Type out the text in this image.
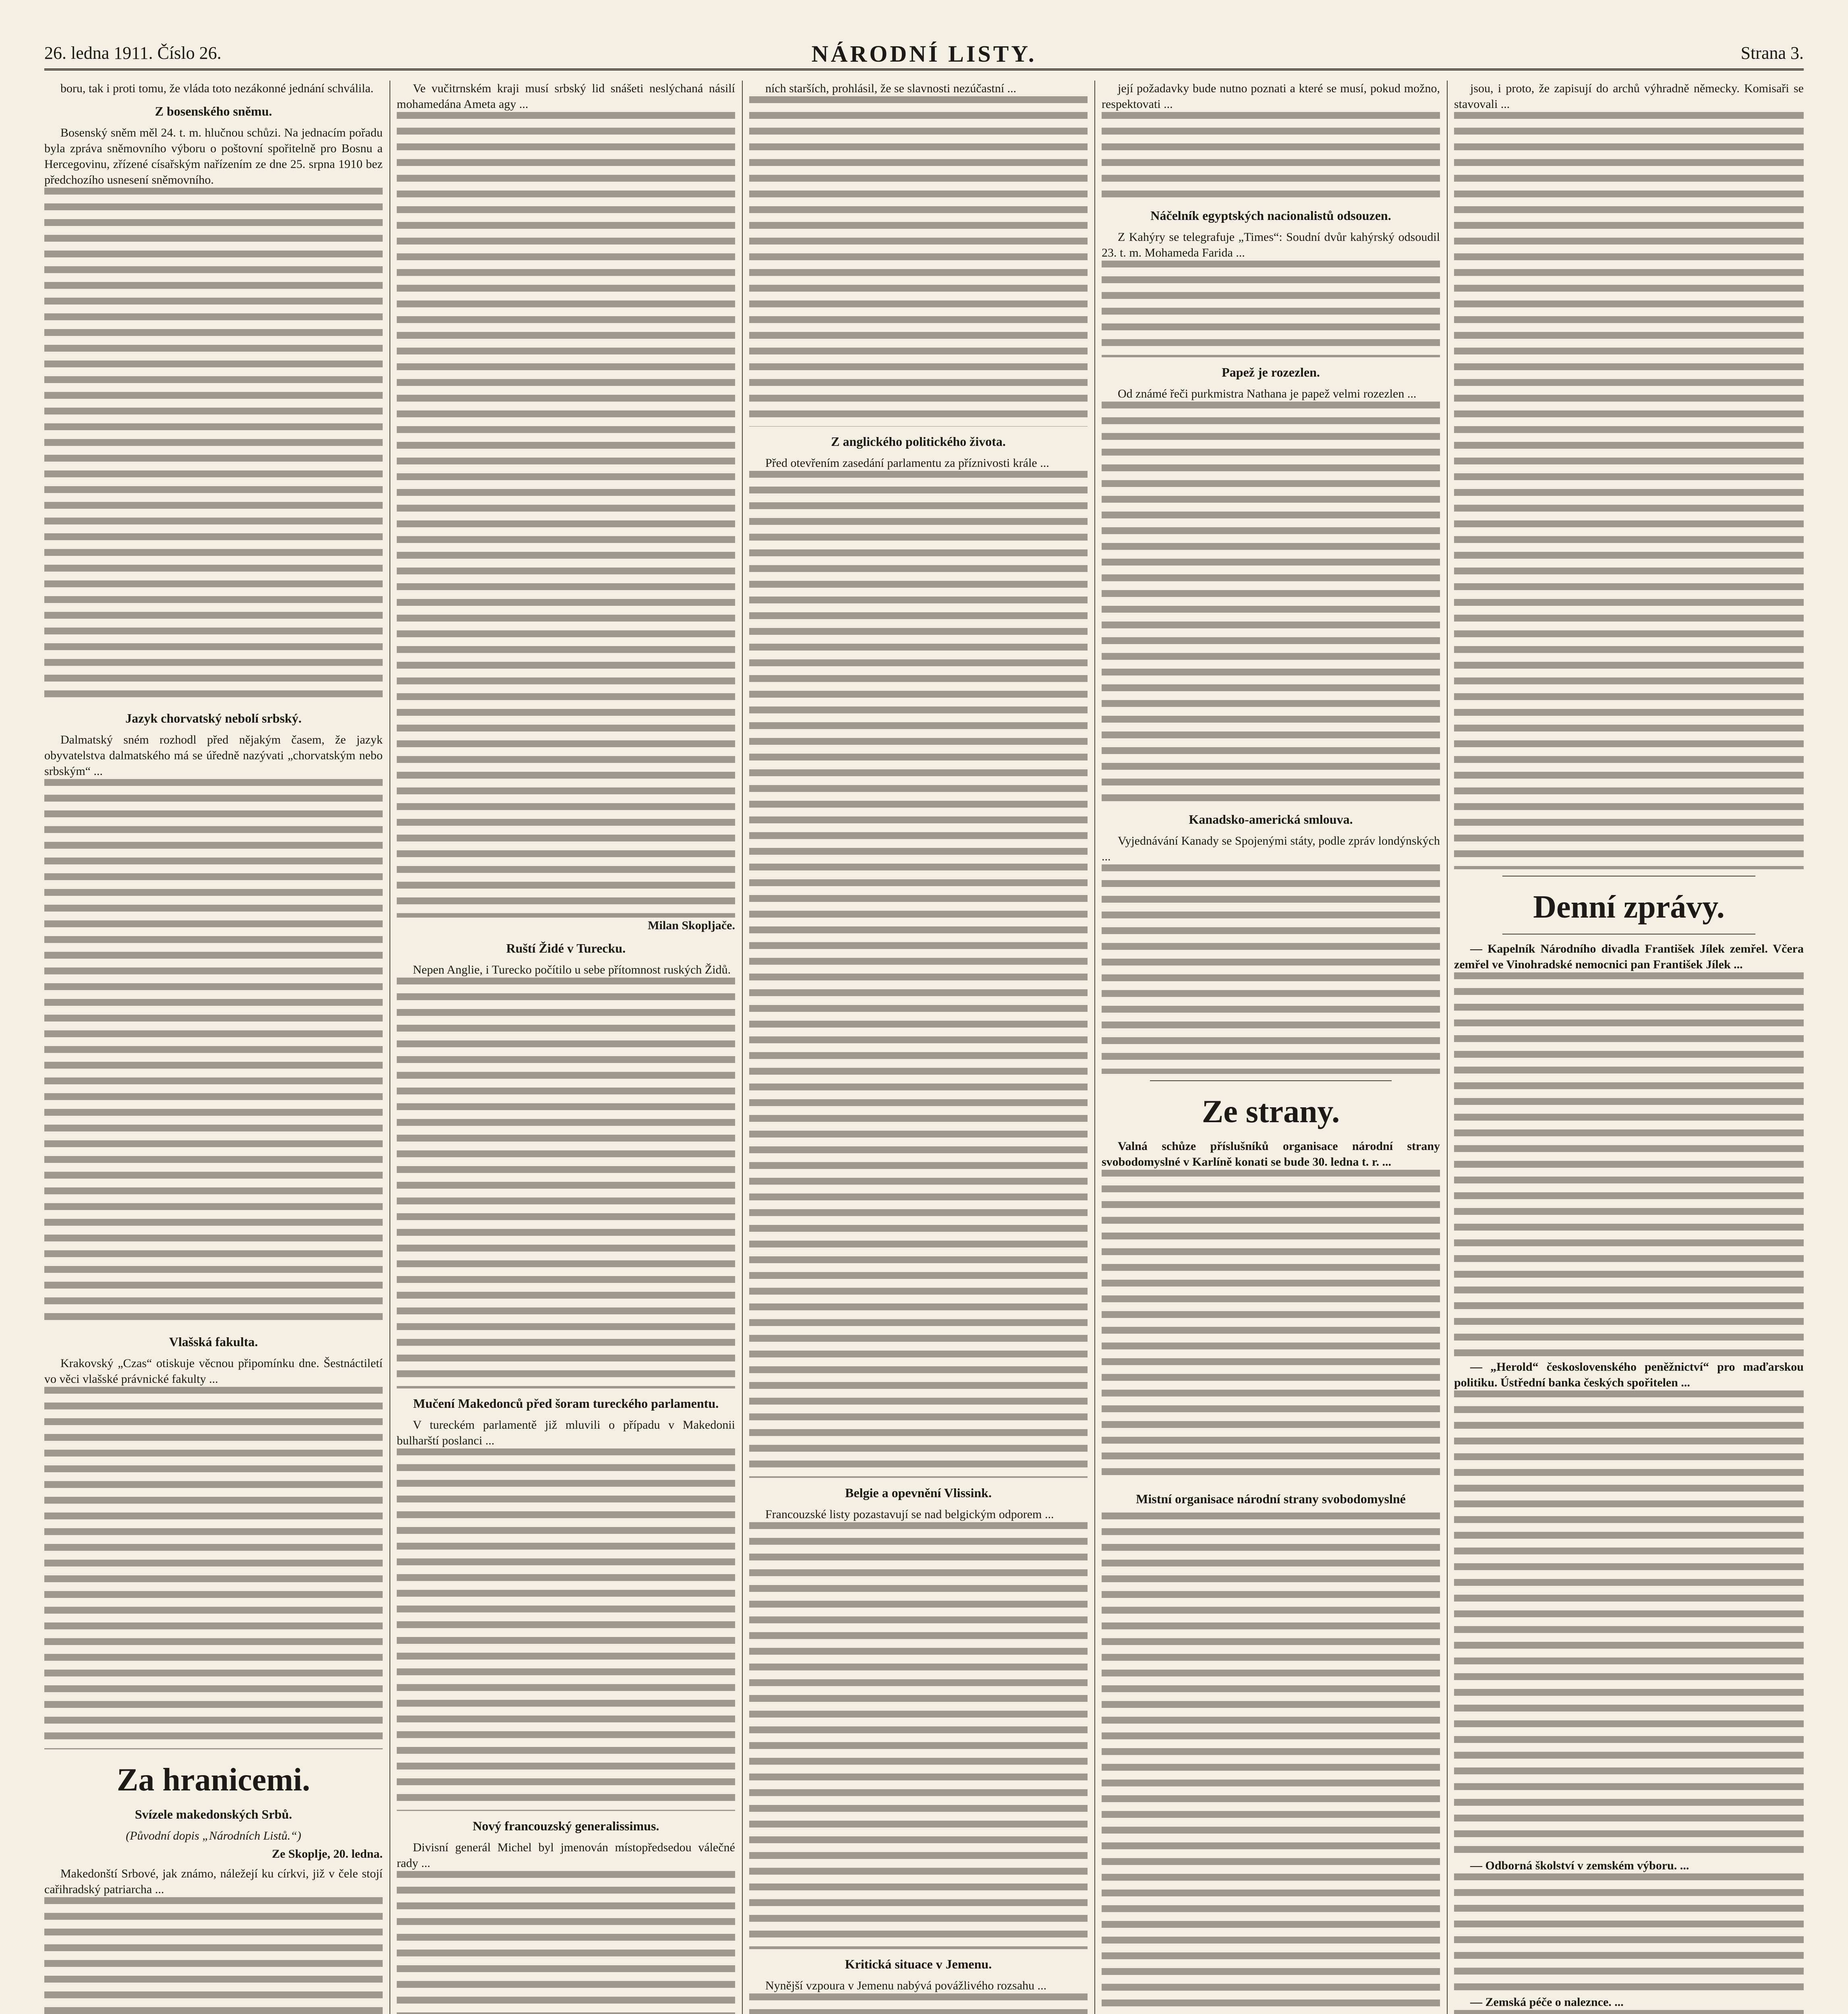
26. ledna 1911. Číslo 26.	NÁRODNÍ LISTY.	Strana 3.

boru, tak i proti tomu, že vláda toto nezákonné jednání schválila.

Z bosenského sněmu.

Bosenský sněm měl 24. t. m. hlučnou schůzi. Na jednacím pořadu byla zpráva sněmovního výboru o poštovní spořitelně pro Bosnu a Hercegovinu, zřízené císařským nařízením ze dne 25. srpna 1910 bez předchozího usnesení sněmovního.

Jazyk chorvatský nebolí srbský.

Dalmatský sném rozhodl před nějakým časem, že jazyk obyvatelstva dalmatského má se úředně nazývati „chorvatským nebo srbským“ ...

Vlašská fakulta.

Krakovský „Czas“ otiskuje věcnou připomínku dne. Šestnáctiletí vo věci vlašské právnické fakulty ...

Za hranicemi.
Svízele makedonských Srbů.
(Původní dopis „Národních Listů.“)
Ze Skoplje, 20. ledna.

Makedonští Srbové, jak známo, náležejí ku církvi, již v čele stojí cařihradský patriarcha ...

Ve vučitrnském kraji musí srbský lid snášeti neslýchaná násilí mohamedána Ameta agy ...

Milan Skopljače.
Ruští Židé v Turecku.

Nepen Anglie, i Turecko počítilo u sebe přítomnost ruských Židů.

Mučení Makedonců před šoram tureckého parlamentu.

V tureckém parlamentě již mluvili o případu v Makedonii bulharští poslanci ...

Nový francouzský generalissimus.

Divisní generál Michel byl jmenován místopředsedou válečné rady ...

ních starších, prohlásil, že se slavnosti nezúčastní ...

Z anglického politického života.

Před otevřením zasedání parlamentu za příznivosti krále ...

Belgie a opevnění Vlissink.

Francouzské listy pozastavují se nad belgickým odporem ...

Kritická situace v Jemenu.

Nynější vzpoura v Jemenu nabývá povážlivého rozsahu ...

její požadavky bude nutno poznati a které se musí, pokud možno, respektovati ...

Náčelník egyptských nacionalistů odsouzen.

Z Kahýry se telegrafuje „Times“: Soudní dvůr kahýrský odsoudil 23. t. m. Mohameda Farida ...

Papež je rozezlen.

Od známé řeči purkmistra Nathana je papež velmi rozezlen ...

Kanadsko-americká smlouva.

Vyjednávání Kanady se Spojenými státy, podle zpráv londýnských ...

Ze strany.

Valná schůze příslušníků organisace národní strany svobodomyslné v Karlíně konati se bude 30. ledna t. r. ...

Mistní organisace národní strany svobodomyslné

jsou, i proto, že zapisují do archů výhradně německy. Komisaři se stavovali ...

Denní zprávy.

— Kapelník Národního divadla František Jílek zemřel. Včera zemřel ve Vinohradské nemocnici pan František Jílek ...

— „Herold“ československého peněžnictví“ pro maďarskou politiku. Ústřední banka českých spořitelen ...

— Odborná školství v zemském výboru. ...

— Zemská péče o naleznce. ...
